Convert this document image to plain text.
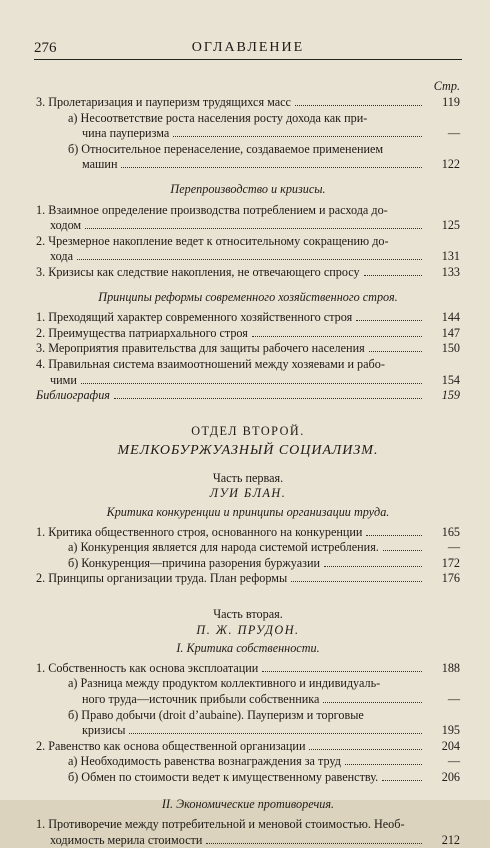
276	ОГЛАВЛЕНИЕ
Стр.
3. Пролетаризация и пауперизм трудящихся масс	119
а) Несоответствие роста населения росту дохода как при-
чина пауперизма	—
б) Относительное перенаселение, создаваемое применением
машин	122
Перепроизводство и кризисы.
1. Взаимное определение производства потреблением и расхода до-
ходом	125
2. Чрезмерное накопление ведет к относительному сокращению до-
хода	131
3. Кризисы как следствие накопления, не отвечающего спросу	133
Принципы реформы современного хозяйственного строя.
1. Преходящий характер современного хозяйственного строя	144
2. Преимущества патриархального строя	147
3. Мероприятия правительства для защиты рабочего населения	150
4. Правильная система взаимоотношений между хозяевами и рабо-
чими	154
Библиография	159
ОТДЕЛ ВТОРОЙ.
МЕЛКОБУРЖУАЗНЫЙ СОЦИАЛИЗМ.
Часть первая.
ЛУИ БЛАН.
Критика конкуренции и принципы организации труда.
1. Критика общественного строя, основанного на конкуренции	165
а) Конкуренция является для народа системой истребления.	—
б) Конкуренция—причина разорения буржуазии	172
2. Принципы организации труда. План реформы	176
Часть вторая.
П. Ж. ПРУДОН.
I. Критика собственности.
1. Собственность как основа эксплоатации	188
а) Разница между продуктом коллективного и индивидуаль-
ного труда—источник прибыли собственника	—
б) Право добычи (droit d’aubaine). Пауперизм и торговые
кризисы	195
2. Равенство как основа общественной организации	204
а) Необходимость равенства вознаграждения за труд	—
б) Обмен по стоимости ведет к имущественному равенству.	206
II. Экономические противоречия.
1. Противоречие между потребительной и меновой стоимостью. Необ-
ходимость мерила стоимости	212
